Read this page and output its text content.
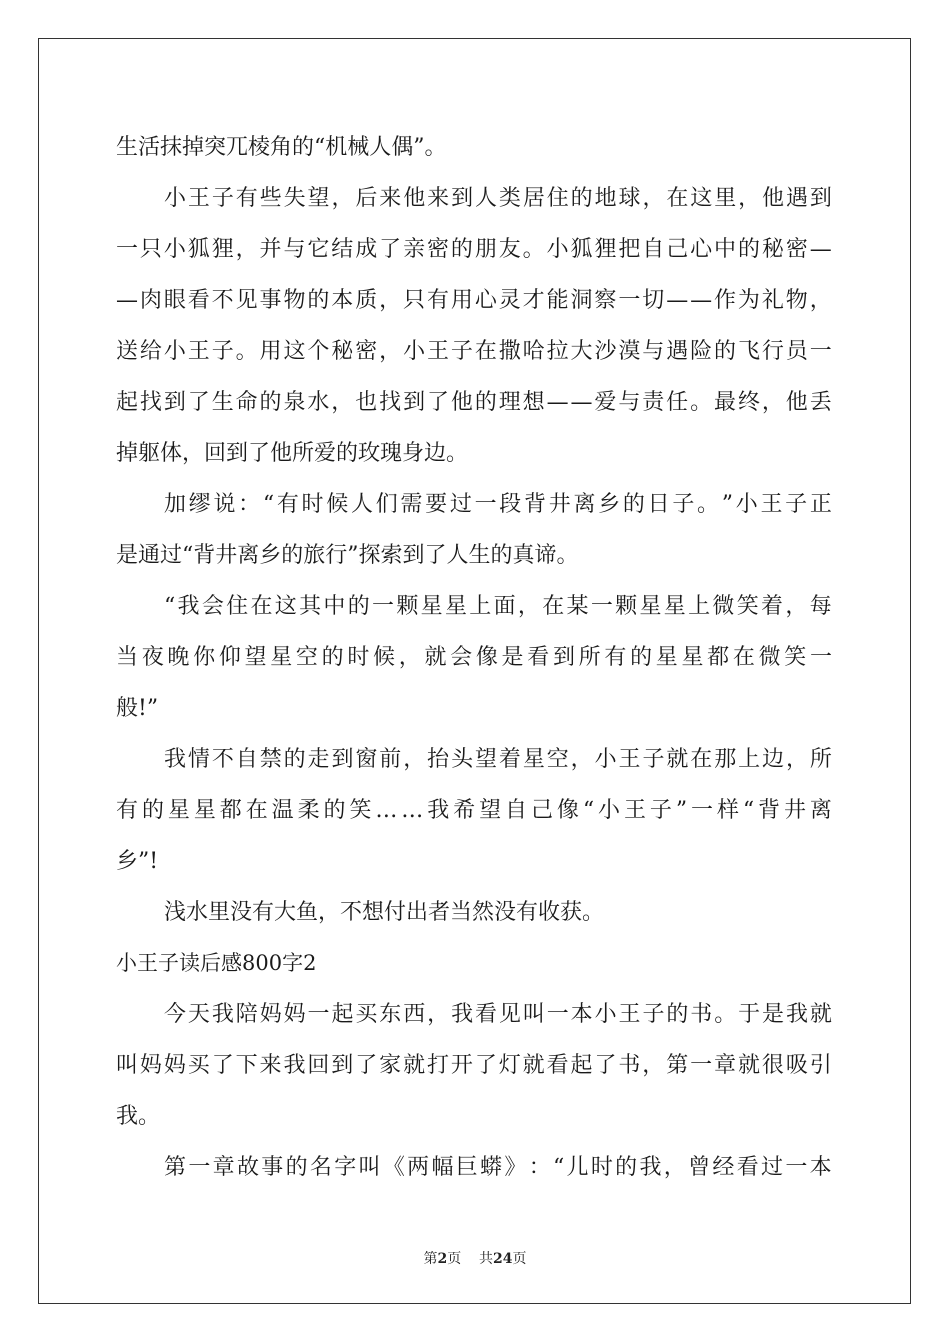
生活抹掉突兀棱角的“机械人偶”。
小 王 子 有 些 失 望 ， 后 来 他 来 到 人 类 居 住 的 地 球 ， 在 这 里 ， 他 遇 到
一 只 小 狐 狸 ， 并 与 它 结 成 了 亲 密 的 朋 友 。 小 狐 狸 把 自 己 心 中 的 秘 密 —
— 肉 眼 看 不 见 事 物 的 本 质 ， 只 有 用 心 灵 才 能 洞 察 一 切 — — 作 为 礼 物 ，
送 给 小 王 子 。 用 这 个 秘 密 ， 小 王 子 在 撒 哈 拉 大 沙 漠 与 遇 险 的 飞 行 员 一
起 找 到 了 生 命 的 泉 水 ， 也 找 到 了 他 的 理 想 — — 爱 与 责 任 。 最 终 ， 他 丢
掉躯体，回到了他所爱的玫瑰身边。
加 缪 说 ： “ 有 时 候 人 们 需 要 过 一 段 背 井 离 乡 的 日 子 。 ” 小 王 子 正
是通过“背井离乡的旅行”探索到了人生的真谛。
“ 我 会 住 在 这 其 中 的 一 颗 星 星 上 面 ， 在 某 一 颗 星 星 上 微 笑 着 ， 每
当 夜 晚 你 仰 望 星 空 的 时 候 ， 就 会 像 是 看 到 所 有 的 星 星 都 在 微 笑 一
般!”
我 情 不 自 禁 的 走 到 窗 前 ， 抬 头 望 着 星 空 ， 小 王 子 就 在 那 上 边 ， 所
有 的 星 星 都 在 温 柔 的 笑 … … 我 希 望 自 己 像 “ 小 王 子 ” 一 样 “ 背 井 离
乡”!
浅水里没有大鱼，不想付出者当然没有收获。
小王子读后感800字2
今 天 我 陪 妈 妈 一 起 买 东 西 ， 我 看 见 叫 一 本 小 王 子 的 书 。 于 是 我 就
叫 妈 妈 买 了 下 来 我 回 到 了 家 就 打 开 了 灯 就 看 起 了 书 ， 第 一 章 就 很 吸 引
我。
第 一 章 故 事 的 名 字 叫 《 两 幅 巨 蟒 》 ： “ 儿 时 的 我 ， 曾 经 看 过 一 本
第2页 共24页
